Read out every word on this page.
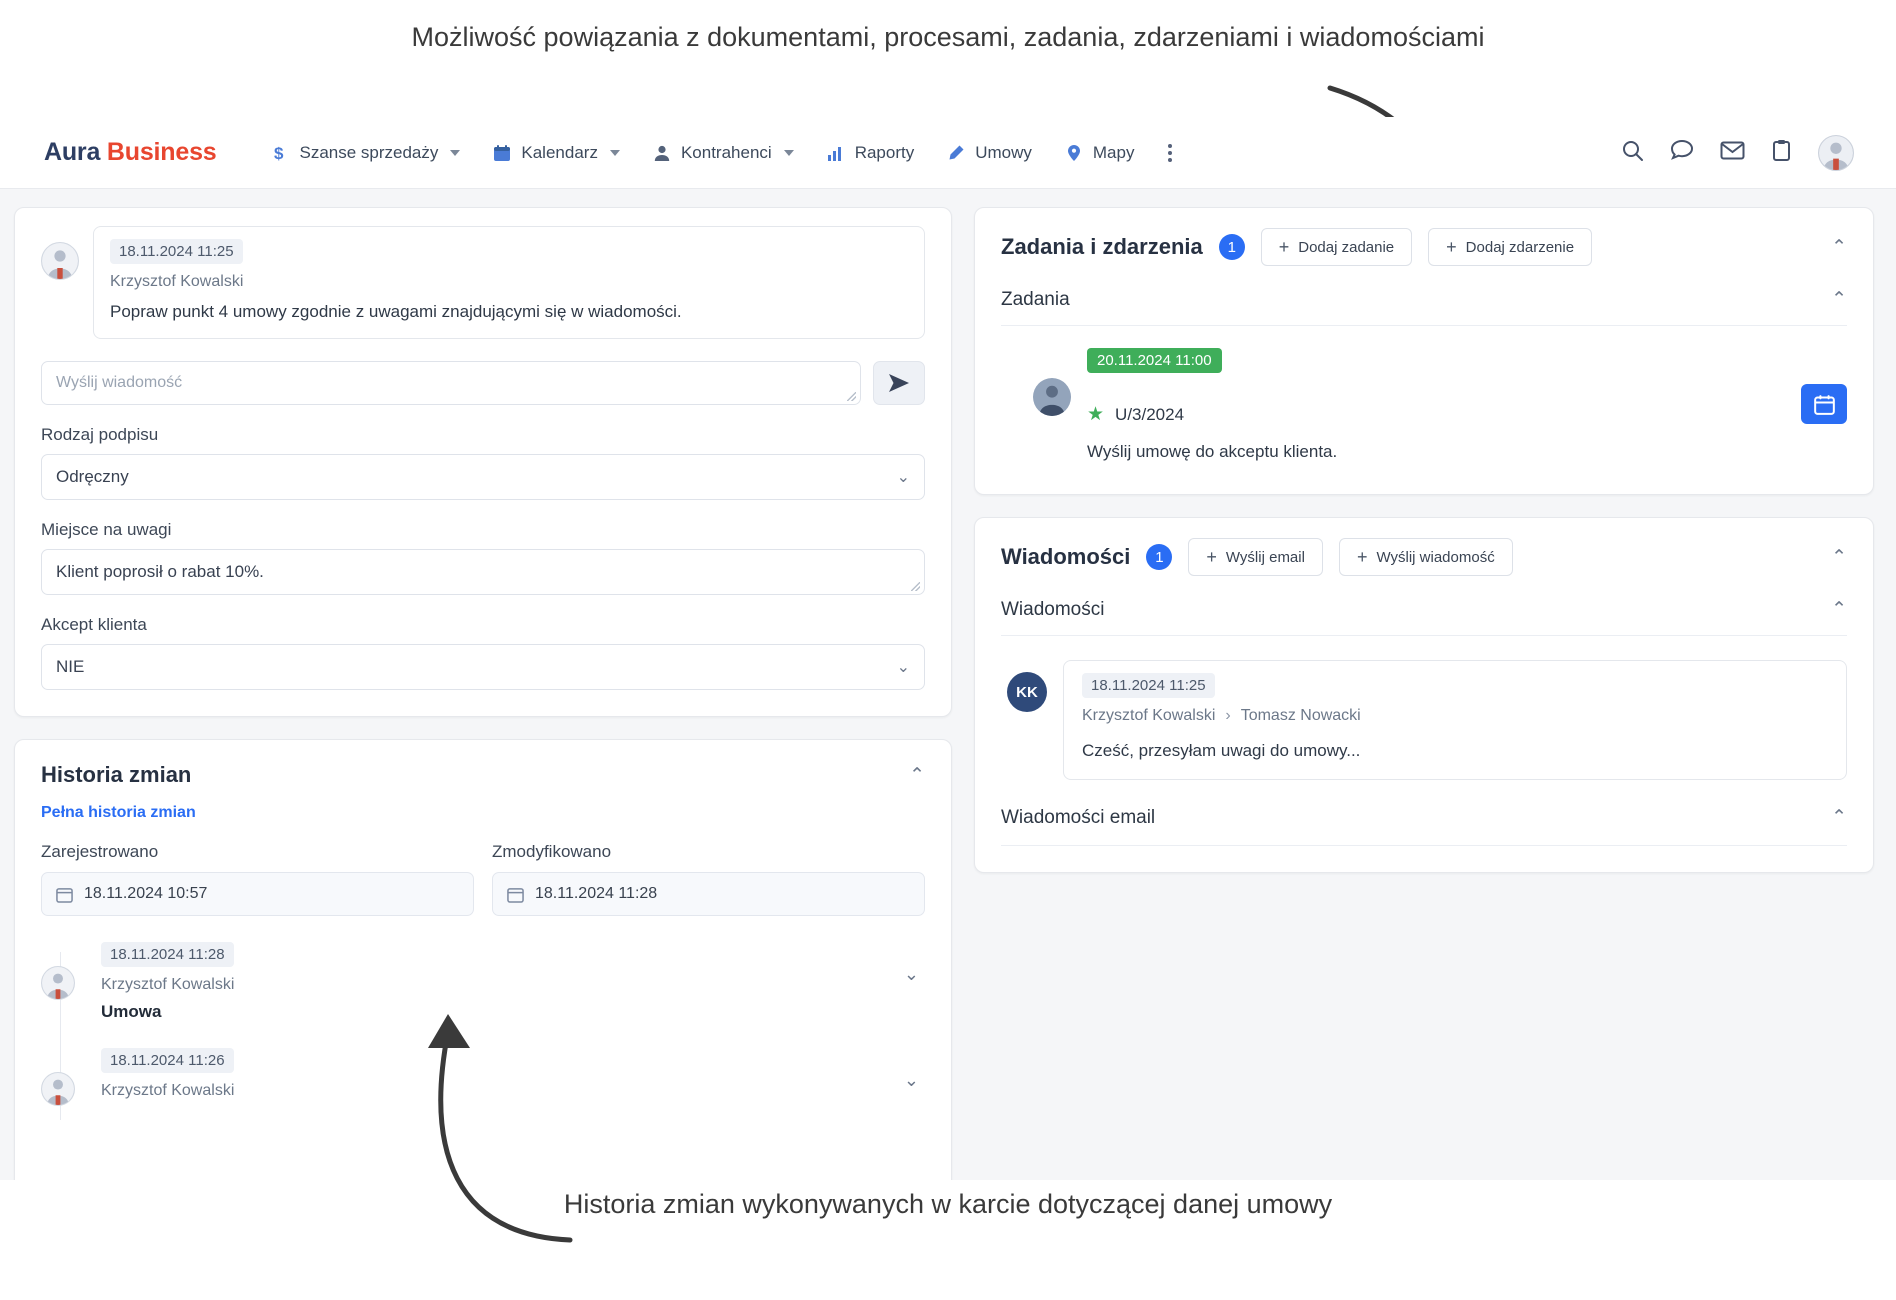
Możliwość powiązania z dokumentami, procesami, zadania, zdarzeniami i wiadomościami
Aura Business	$ Szanse sprzedaży	Kalendarz	Kontrahenci	Raporty	Umowy	Mapy
18.11.2024 11:25
Krzysztof Kowalski
Popraw punkt 4 umowy zgodnie z uwagami znajdującymi się w wiadomości.
Wyślij wiadomość
Rodzaj podpisu
Odręczny	⌄
Miejsce na uwagi
Klient poprosił o rabat 10%.
Akcept klienta
NIE	⌄
Historia zmian	⌃
Pełna historia zmian
Zarejestrowano
18.11.2024 10:57
Zmodyfikowano
18.11.2024 11:28
18.11.2024 11:28
Krzysztof Kowalski
Umowa
⌄
18.11.2024 11:26
Krzysztof Kowalski
⌄
Zadania i zdarzenia	1	+ Dodaj zadanie	+ Dodaj zdarzenie	⌃
Zadania	⌃
20.11.2024 11:00
★ U/3/2024
Wyślij umowę do akceptu klienta.
Wiadomości	1	+ Wyślij email	+ Wyślij wiadomość	⌃
Wiadomości	⌃
KK	18.11.2024 11:25
Krzysztof Kowalski › Tomasz Nowacki
Cześć, przesyłam uwagi do umowy...
Wiadomości email	⌃
Historia zmian wykonywanych w karcie dotyczącej danej umowy
